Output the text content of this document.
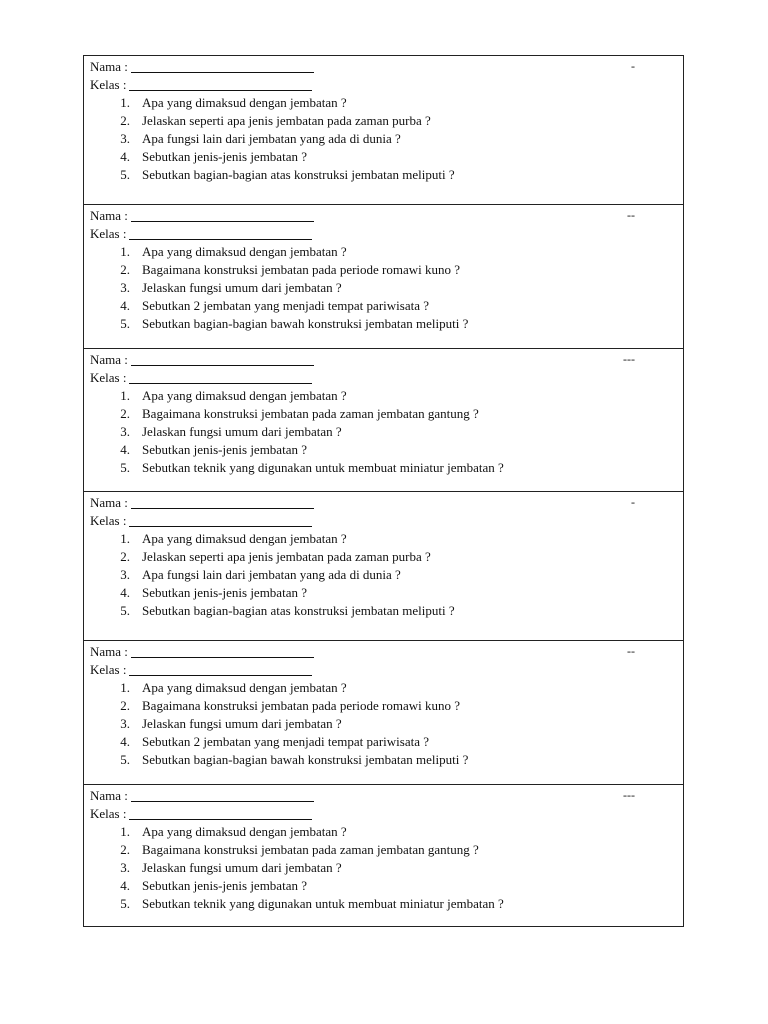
-
Nama :
Kelas :
1. Apa yang dimaksud dengan jembatan ?
2. Jelaskan seperti apa jenis jembatan pada zaman purba ?
3. Apa fungsi lain dari jembatan yang ada di dunia ?
4. Sebutkan jenis-jenis jembatan ?
5. Sebutkan bagian-bagian atas konstruksi jembatan meliputi ?
--
Nama :
Kelas :
1. Apa yang dimaksud dengan jembatan ?
2. Bagaimana konstruksi jembatan pada periode romawi kuno ?
3. Jelaskan fungsi umum dari jembatan ?
4. Sebutkan 2 jembatan yang menjadi tempat pariwisata ?
5. Sebutkan bagian-bagian bawah konstruksi jembatan meliputi ?
---
Nama :
Kelas :
1. Apa yang dimaksud dengan jembatan ?
2. Bagaimana konstruksi jembatan pada zaman jembatan gantung ?
3. Jelaskan fungsi umum dari jembatan ?
4. Sebutkan jenis-jenis jembatan ?
5. Sebutkan teknik yang digunakan untuk membuat miniatur jembatan ?
-
Nama :
Kelas :
1. Apa yang dimaksud dengan jembatan ?
2. Jelaskan seperti apa jenis jembatan pada zaman purba ?
3. Apa fungsi lain dari jembatan yang ada di dunia ?
4. Sebutkan jenis-jenis jembatan ?
5. Sebutkan bagian-bagian atas konstruksi jembatan meliputi ?
--
Nama :
Kelas :
1. Apa yang dimaksud dengan jembatan ?
2. Bagaimana konstruksi jembatan pada periode romawi kuno ?
3. Jelaskan fungsi umum dari jembatan ?
4. Sebutkan 2 jembatan yang menjadi tempat pariwisata ?
5. Sebutkan bagian-bagian bawah konstruksi jembatan meliputi ?
---
Nama :
Kelas :
1. Apa yang dimaksud dengan jembatan ?
2. Bagaimana konstruksi jembatan pada zaman jembatan gantung ?
3. Jelaskan fungsi umum dari jembatan ?
4. Sebutkan jenis-jenis jembatan ?
5. Sebutkan teknik yang digunakan untuk membuat miniatur jembatan ?
